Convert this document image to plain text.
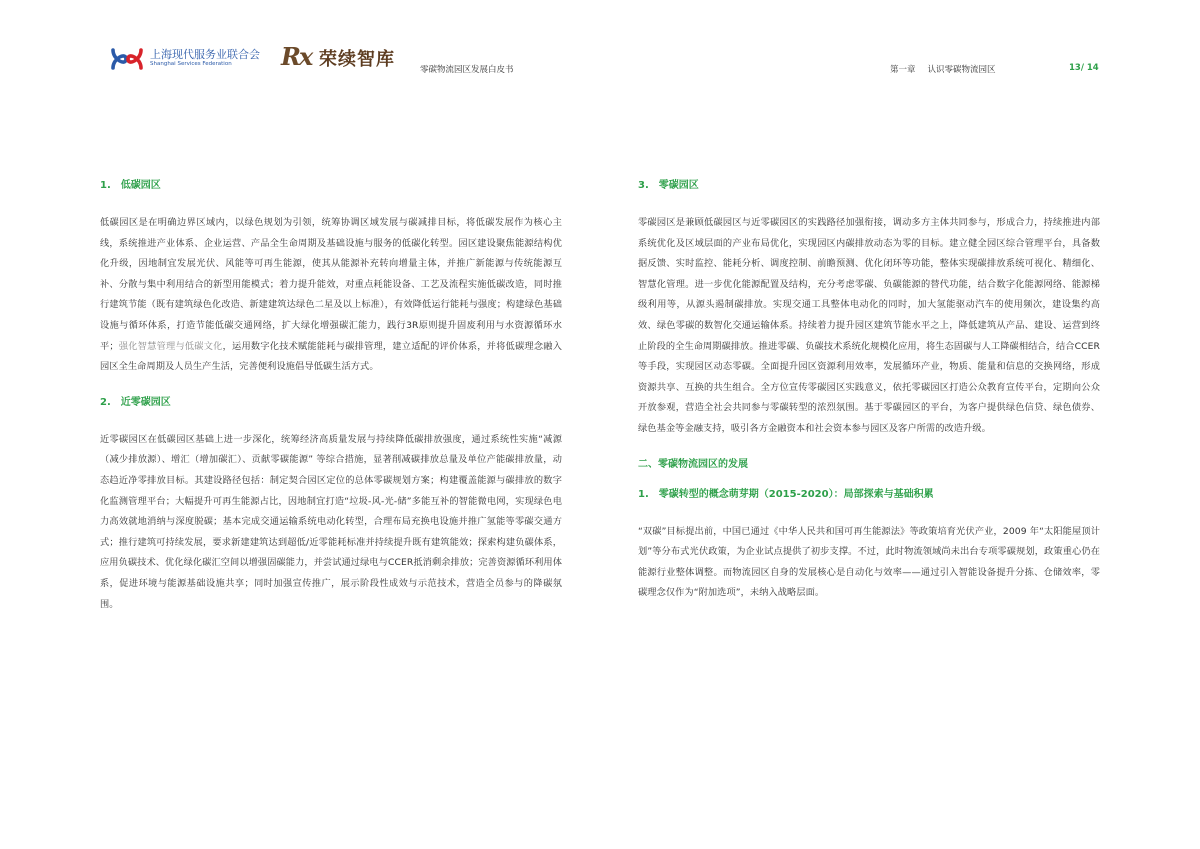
上海现代服务业联合会
Shanghai Services Federation Rx 荣续智库	零碳物流园区发展白皮书	第一章 认识零碳物流园区	13/ 14

1.　低碳园区

低碳园区是在明确边界区域内，以绿色规划为引领，统筹协调区域发展与碳减排目标，将低碳发展作为核心主线，系统推进产业体系、企业运营、产品全生命周期及基础设施与服务的低碳化转型。园区建设聚焦能源结构优化升级，因地制宜发展光伏、风能等可再生能源，使其从能源补充转向增量主体，并推广新能源与传统能源互补、分散与集中利用结合的新型用能模式；着力提升能效，对重点耗能设备、工艺及流程实施低碳改造，同时推行建筑节能（既有建筑绿色化改造、新建建筑达绿色二星及以上标准），有效降低运行能耗与强度；构建绿色基础设施与循环体系，打造节能低碳交通网络，扩大绿化增强碳汇能力，践行3R原则提升固废利用与水资源循环水平；强化智慧管理与低碳文化，运用数字化技术赋能能耗与碳排管理，建立适配的评价体系，并将低碳理念融入园区全生命周期及人员生产生活，完善便利设施倡导低碳生活方式。

2.　近零碳园区

近零碳园区在低碳园区基础上进一步深化，统筹经济高质量发展与持续降低碳排放强度，通过系统性实施“减源（减少排放源）、增汇（增加碳汇）、贡献零碳能源” 等综合措施，显著削减碳排放总量及单位产能碳排放量，动态趋近净零排放目标。其建设路径包括：制定契合园区定位的总体零碳规划方案；构建覆盖能源与碳排放的数字化监测管理平台；大幅提升可再生能源占比，因地制宜打造“垃圾-风-光-储”多能互补的智能微电网，实现绿色电力高效就地消纳与深度脱碳；基本完成交通运输系统电动化转型，合理布局充换电设施并推广氢能等零碳交通方式；推行建筑可持续发展，要求新建建筑达到超低/近零能耗标准并持续提升既有建筑能效；探索构建负碳体系，应用负碳技术、优化绿化碳汇空间以增强固碳能力，并尝试通过绿电与CCER抵消剩余排放；完善资源循环利用体系，促进环境与能源基础设施共享；同时加强宣传推广，展示阶段性成效与示范技术，营造全员参与的降碳氛围。

3.　零碳园区

零碳园区是兼顾低碳园区与近零碳园区的实践路径加强衔接，调动多方主体共同参与，形成合力，持续推进内部系统优化及区域层面的产业布局优化，实现园区内碳排放动态为零的目标。建立健全园区综合管理平台，具备数据反馈、实时监控、能耗分析、调度控制、前瞻预测、优化闭环等功能，整体实现碳排放系统可视化、精细化、智慧化管理。进一步优化能源配置及结构，充分考虑零碳、负碳能源的替代功能，结合数字化能源网络、能源梯级利用等，从源头遏制碳排放。实现交通工具整体电动化的同时，加大氢能驱动汽车的使用频次，建设集约高效、绿色零碳的数智化交通运输体系。持续着力提升园区建筑节能水平之上，降低建筑从产品、建设、运营到终止阶段的全生命周期碳排放。推进零碳、负碳技术系统化规模化应用，将生态固碳与人工降碳相结合，结合CCER等手段，实现园区动态零碳。全面提升园区资源利用效率，发展循环产业，物质、能量和信息的交换网络，形成资源共享、互换的共生组合。全方位宣传零碳园区实践意义，依托零碳园区打造公众教育宣传平台，定期向公众开放参观，营造全社会共同参与零碳转型的浓烈氛围。基于零碳园区的平台，为客户提供绿色信贷、绿色债券、绿色基金等金融支持，吸引各方金融资本和社会资本参与园区及客户所需的改造升级。

二、零碳物流园区的发展

1.　零碳转型的概念萌芽期（2015-2020）：局部探索与基础积累

“双碳”目标提出前，中国已通过《中华人民共和国可再生能源法》等政策培育光伏产业，2009 年“太阳能屋顶计划”等分布式光伏政策，为企业试点提供了初步支撑。不过，此时物流领域尚未出台专项零碳规划，政策重心仍在能源行业整体调整。而物流园区自身的发展核心是自动化与效率——通过引入智能设备提升分拣、仓储效率，零碳理念仅作为“附加选项”，未纳入战略层面。
